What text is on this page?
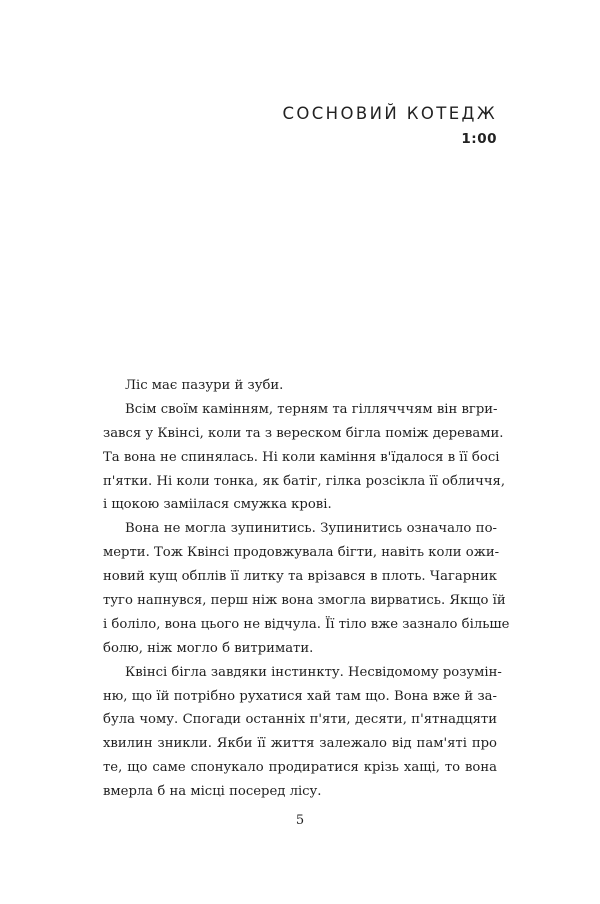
СОСНОВИЙ КОТЕДЖ
1:00
Ліс має пазури й зуби.
Всім своїм камінням, терням та гіллячччям він вгри-
зався у Квінсі, коли та з вереском бігла поміж деревами.
Та вона не спинялась. Ні коли каміння в'їдалося в її босі
п'ятки. Ні коли тонка, як батіг, гілка розсікла її обличчя,
і щокою заміілася смужка крові.
Вона не могла зупинитись. Зупинитись означало по-
мерти. Тож Квінсі продовжувала бігти, навіть коли ожи-
новий кущ обплів її литку та врізався в плоть. Чагарник
туго напнувся, перш ніж вона змогла вирватись. Якщо їй
і боліло, вона цього не відчула. Її тіло вже зазнало більше
болю, ніж могло б витримати.
Квінсі бігла завдяки інстинкту. Несвідомому розумін-
ню, що їй потрібно рухатися хай там що. Вона вже й за-
була чому. Спогади останніх п'яти, десяти, п'ятнадцяти
хвилин зникли. Якби її життя залежало від пам'яті про
те, що саме спонукало продиратися крізь хащі, то вона
вмерла б на місці посеред лісу.
5
